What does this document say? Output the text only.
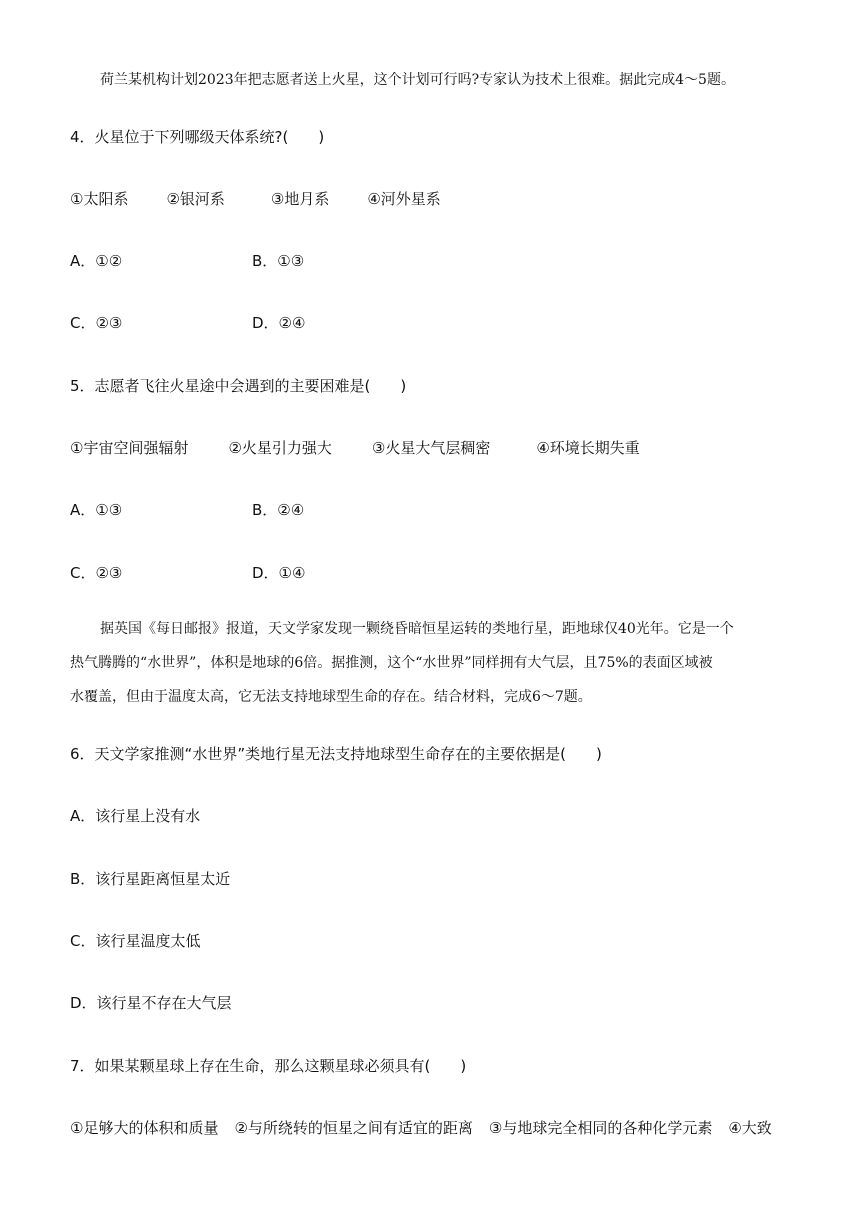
荷兰某机构计划2023年把志愿者送上火星，这个计划可行吗?专家认为技术上很难。据此完成4～5题。
4．火星位于下列哪级天体系统?(　　)
①太阳系	②银河系	③地月系	④河外星系
A．①②	B．①③
C．②③	D．②④
5．志愿者飞往火星途中会遇到的主要困难是(　　)
①宇宙空间强辐射	②火星引力强大	③火星大气层稠密	④环境长期失重
A．①③	B．②④
C．②③	D．①④
据英国《每日邮报》报道，天文学家发现一颗绕昏暗恒星运转的类地行星，距地球仅40光年。它是一个
热气腾腾的“水世界”，体积是地球的6倍。据推测，这个“水世界”同样拥有大气层，且75%的表面区域被
水覆盖，但由于温度太高，它无法支持地球型生命的存在。结合材料，完成6～7题。
6．天文学家推测“水世界”类地行星无法支持地球型生命存在的主要依据是(　　)
A．该行星上没有水
B．该行星距离恒星太近
C．该行星温度太低
D．该行星不存在大气层
7．如果某颗星球上存在生命，那么这颗星球必须具有(　　)
①足够大的体积和质量 ②与所绕转的恒星之间有适宜的距离 ③与地球完全相同的各种化学元素 ④大致
